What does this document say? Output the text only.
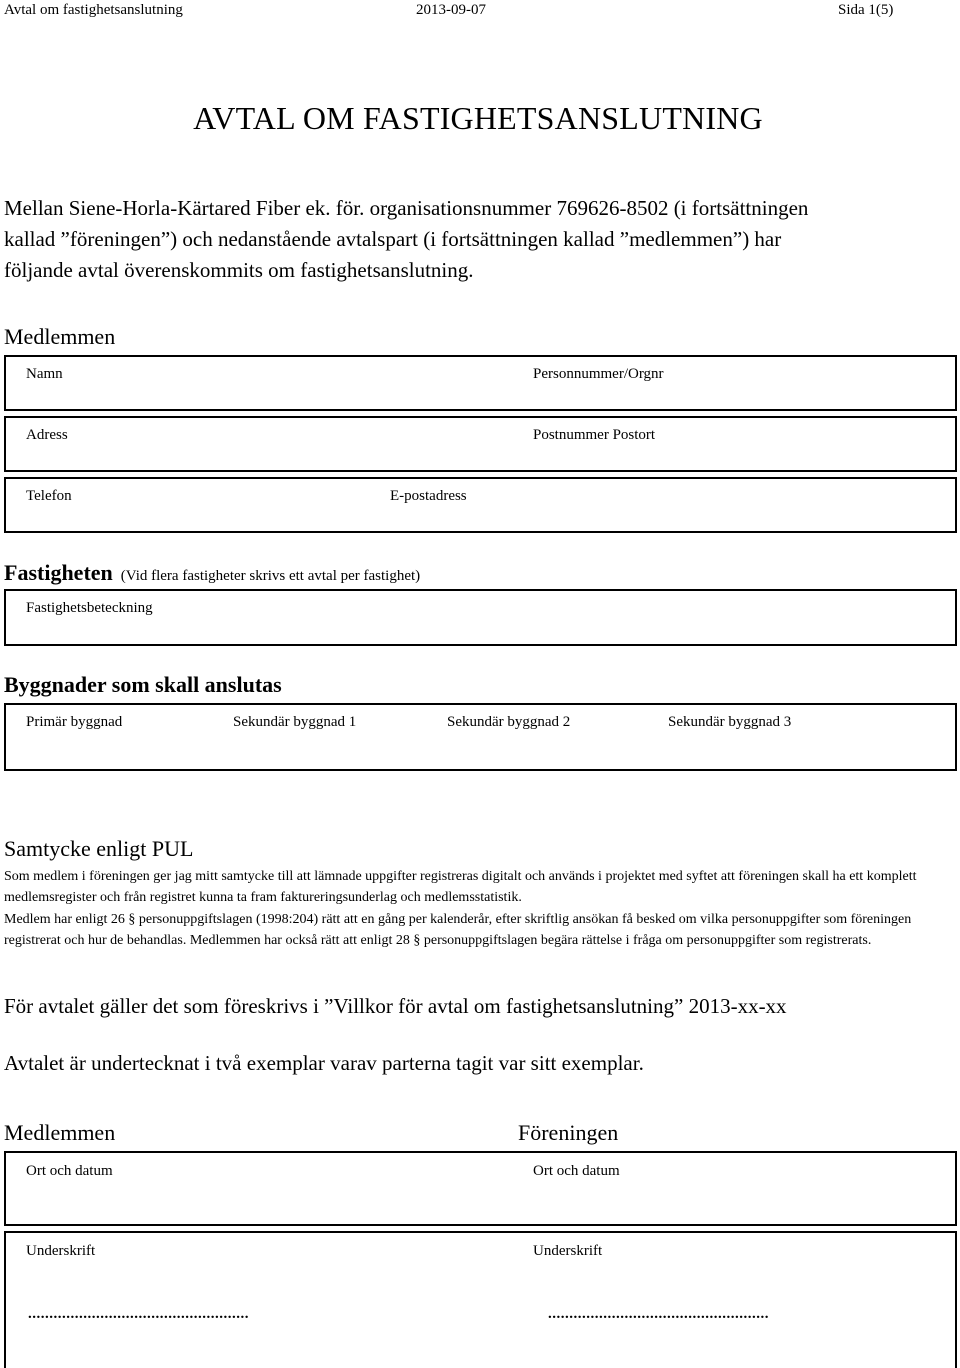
Avtal om fastighetsanslutning	2013-09-07	Sida 1(5)
AVTAL OM FASTIGHETSANSLUTNING
Mellan Siene-Horla-Kärtared Fiber ek. för. organisationsnummer 769626-8502 (i fortsättningen kallad ”föreningen”) och nedanstående avtalspart (i fortsättningen kallad ”medlemmen”) har följande avtal överenskommits om fastighetsanslutning.
Medlemmen
Namn	Personnummer/Orgnr
Adress	Postnummer Postort
Telefon	E-postadress
Fastigheten (Vid flera fastigheter skrivs ett avtal per fastighet)
Fastighetsbeteckning
Byggnader som skall anslutas
Primär byggnad	Sekundär byggnad 1	Sekundär byggnad 2	Sekundär byggnad 3
Samtycke enligt PUL

Som medlem i föreningen ger jag mitt samtycke till att lämnade uppgifter registreras digitalt och används i projektet med syftet att föreningen skall ha ett komplett medlemsregister och från registret kunna ta fram faktureringsunderlag och medlemsstatistik.

Medlem har enligt 26 § personuppgiftslagen (1998:204) rätt att en gång per kalenderår, efter skriftlig ansökan få besked om vilka personuppgifter som föreningen registrerat och hur de behandlas. Medlemmen har också rätt att enligt 28 § personuppgiftslagen begära rättelse i fråga om personuppgifter som registrerats.

För avtalet gäller det som föreskrivs i ”Villkor för avtal om fastighetsanslutning” 2013-xx-xx
Avtalet är undertecknat i två exemplar varav parterna tagit var sitt exemplar.
Medlemmen	Föreningen
Ort och datum	Ort och datum
Underskrift	Underskrift
....................................................	....................................................
